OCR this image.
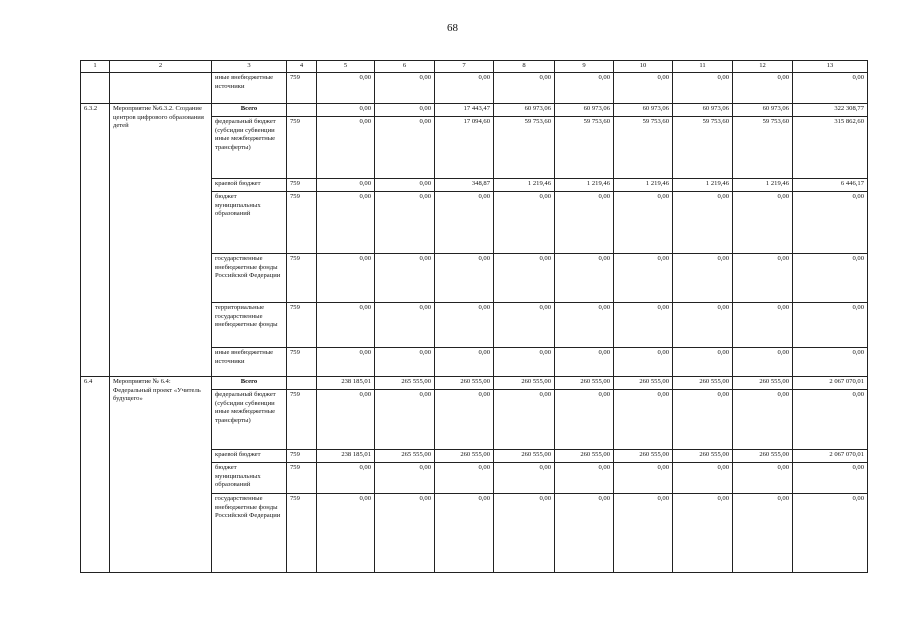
68
1	2	3	4	5	6	7	8	9	10	11	12	13
		иные внебюджетные источники	759	0,00	0,00	0,00	0,00	0,00	0,00	0,00	0,00	0,00
6.3.2	Мероприятие №6.3.2. Создание центров цифрового образования детей	Всего		0,00	0,00	17 443,47	60 973,06	60 973,06	60 973,06	60 973,06	60 973,06	322 308,77
		федеральный бюджет (субсидии субвенции иные межбюджетные трансферты)	759	0,00	0,00	17 094,60	59 753,60	59 753,60	59 753,60	59 753,60	59 753,60	315 862,60
		краевой бюджет	759	0,00	0,00	348,87	1 219,46	1 219,46	1 219,46	1 219,46	1 219,46	6 446,17
		бюджет муниципальных образований	759	0,00	0,00	0,00	0,00	0,00	0,00	0,00	0,00	0,00
		государственные внебюджетные фонды Российской Федерации	759	0,00	0,00	0,00	0,00	0,00	0,00	0,00	0,00	0,00
		территориальные государственные внебюджетные фонды	759	0,00	0,00	0,00	0,00	0,00	0,00	0,00	0,00	0,00
		иные внебюджетные источники	759	0,00	0,00	0,00	0,00	0,00	0,00	0,00	0,00	0,00
6.4	Мероприятие № 6.4: Федеральный проект «Учитель будущего»	Всего		238 185,01	265 555,00	260 555,00	260 555,00	260 555,00	260 555,00	260 555,00	260 555,00	2 067 070,01
		федеральный бюджет (субсидии субвенции иные межбюджетные трансферты)	759	0,00	0,00	0,00	0,00	0,00	0,00	0,00	0,00	0,00
		краевой бюджет	759	238 185,01	265 555,00	260 555,00	260 555,00	260 555,00	260 555,00	260 555,00	260 555,00	2 067 070,01
		бюджет муниципальных образований	759	0,00	0,00	0,00	0,00	0,00	0,00	0,00	0,00	0,00
		государственные внебюджетные фонды Российской Федерации	759	0,00	0,00	0,00	0,00	0,00	0,00	0,00	0,00	0,00
